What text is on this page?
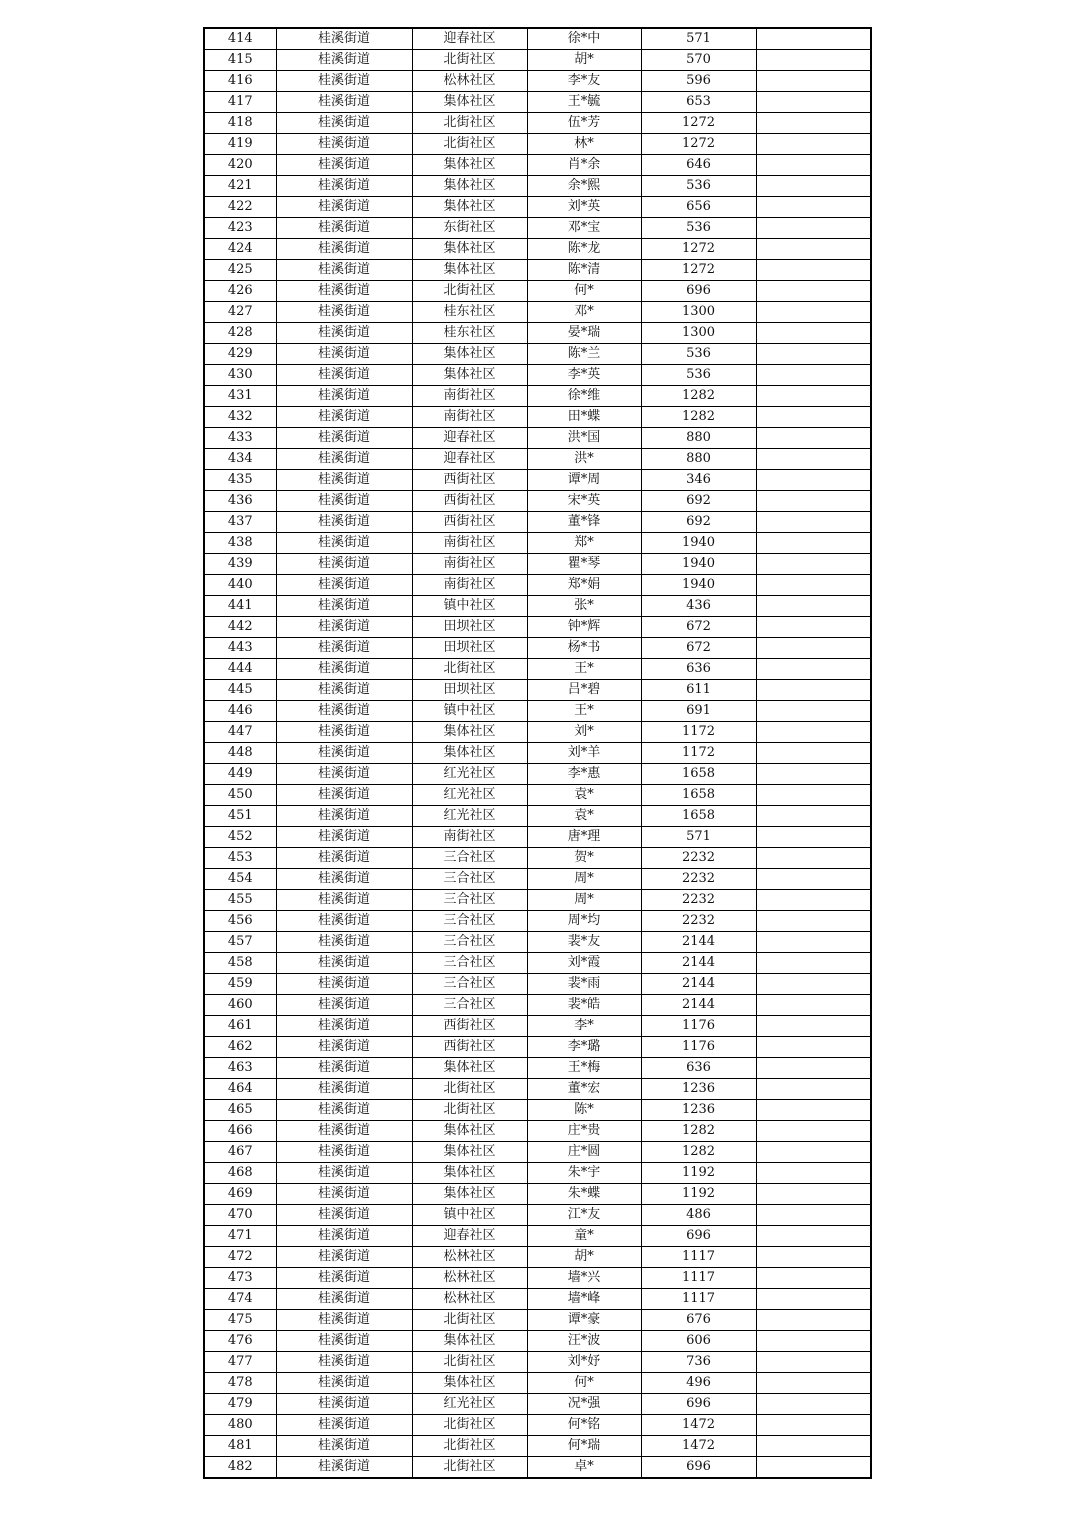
414	桂溪街道	迎春社区	徐*中	571	
415	桂溪街道	北街社区	胡*	570	
416	桂溪街道	松林社区	李*友	596	
417	桂溪街道	集体社区	王*毓	653	
418	桂溪街道	北街社区	伍*芳	1272	
419	桂溪街道	北街社区	林*	1272	
420	桂溪街道	集体社区	肖*余	646	
421	桂溪街道	集体社区	余*熙	536	
422	桂溪街道	集体社区	刘*英	656	
423	桂溪街道	东街社区	邓*宝	536	
424	桂溪街道	集体社区	陈*龙	1272	
425	桂溪街道	集体社区	陈*清	1272	
426	桂溪街道	北街社区	何*	696	
427	桂溪街道	桂东社区	邓*	1300	
428	桂溪街道	桂东社区	晏*瑞	1300	
429	桂溪街道	集体社区	陈*兰	536	
430	桂溪街道	集体社区	李*英	536	
431	桂溪街道	南街社区	徐*维	1282	
432	桂溪街道	南街社区	田*蝶	1282	
433	桂溪街道	迎春社区	洪*国	880	
434	桂溪街道	迎春社区	洪*	880	
435	桂溪街道	西街社区	谭*周	346	
436	桂溪街道	西街社区	宋*英	692	
437	桂溪街道	西街社区	董*锋	692	
438	桂溪街道	南街社区	郑*	1940	
439	桂溪街道	南街社区	瞿*琴	1940	
440	桂溪街道	南街社区	郑*娟	1940	
441	桂溪街道	镇中社区	张*	436	
442	桂溪街道	田坝社区	钟*辉	672	
443	桂溪街道	田坝社区	杨*书	672	
444	桂溪街道	北街社区	王*	636	
445	桂溪街道	田坝社区	吕*碧	611	
446	桂溪街道	镇中社区	王*	691	
447	桂溪街道	集体社区	刘*	1172	
448	桂溪街道	集体社区	刘*羊	1172	
449	桂溪街道	红光社区	李*惠	1658	
450	桂溪街道	红光社区	袁*	1658	
451	桂溪街道	红光社区	袁*	1658	
452	桂溪街道	南街社区	唐*理	571	
453	桂溪街道	三合社区	贺*	2232	
454	桂溪街道	三合社区	周*	2232	
455	桂溪街道	三合社区	周*	2232	
456	桂溪街道	三合社区	周*均	2232	
457	桂溪街道	三合社区	裴*友	2144	
458	桂溪街道	三合社区	刘*霞	2144	
459	桂溪街道	三合社区	裴*雨	2144	
460	桂溪街道	三合社区	裴*皓	2144	
461	桂溪街道	西街社区	李*	1176	
462	桂溪街道	西街社区	李*璐	1176	
463	桂溪街道	集体社区	王*梅	636	
464	桂溪街道	北街社区	董*宏	1236	
465	桂溪街道	北街社区	陈*	1236	
466	桂溪街道	集体社区	庄*贵	1282	
467	桂溪街道	集体社区	庄*圆	1282	
468	桂溪街道	集体社区	朱*宇	1192	
469	桂溪街道	集体社区	朱*蝶	1192	
470	桂溪街道	镇中社区	江*友	486	
471	桂溪街道	迎春社区	童*	696	
472	桂溪街道	松林社区	胡*	1117	
473	桂溪街道	松林社区	墙*兴	1117	
474	桂溪街道	松林社区	墙*峰	1117	
475	桂溪街道	北街社区	谭*豪	676	
476	桂溪街道	集体社区	汪*波	606	
477	桂溪街道	北街社区	刘*妤	736	
478	桂溪街道	集体社区	何*	496	
479	桂溪街道	红光社区	况*强	696	
480	桂溪街道	北街社区	何*铭	1472	
481	桂溪街道	北街社区	何*瑞	1472	
482	桂溪街道	北街社区	卓*	696	
